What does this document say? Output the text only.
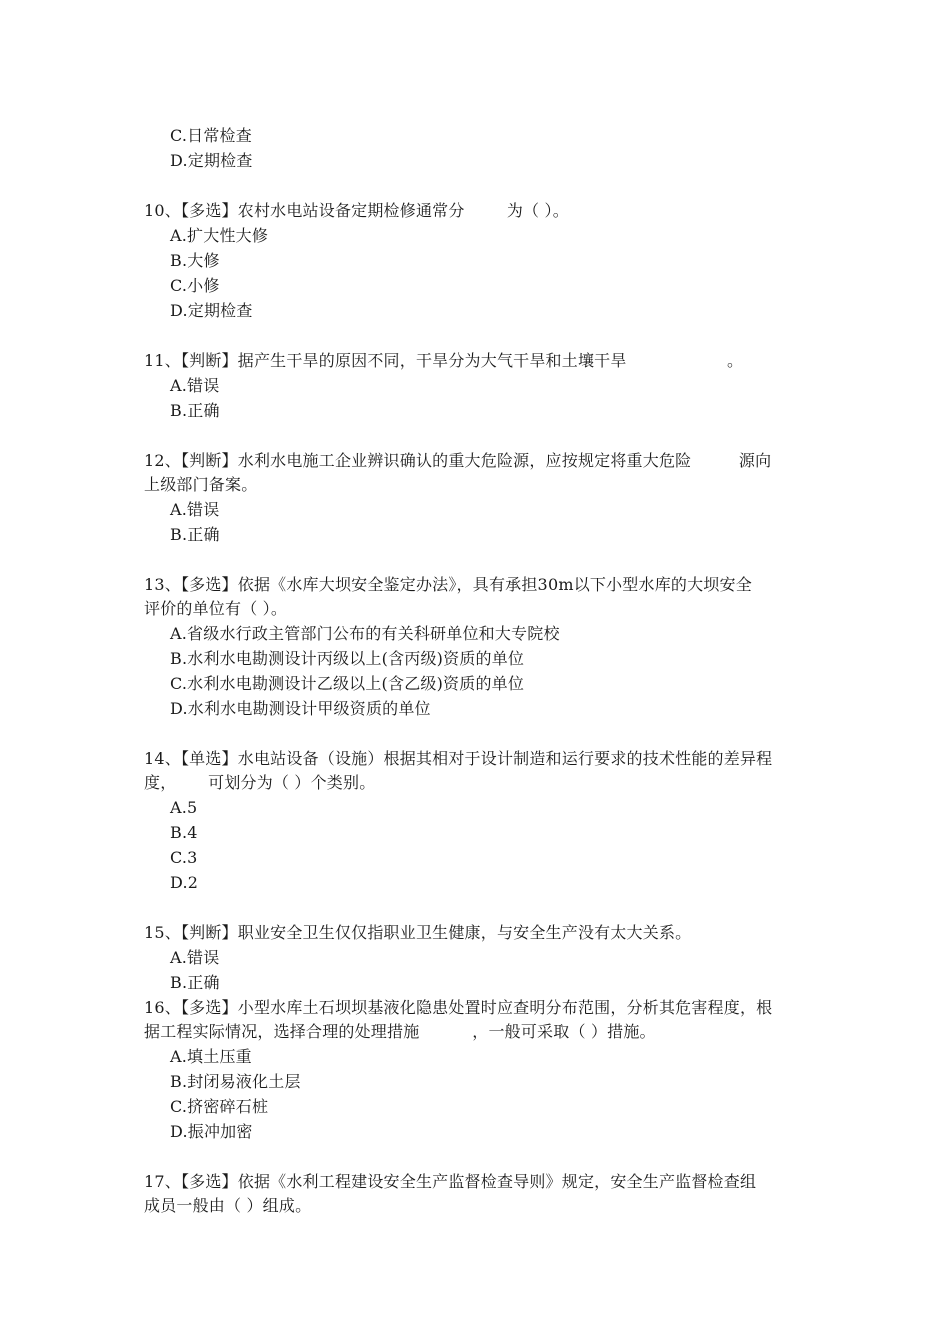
C.日常检查
D.定期检查
10、【多选】农村水电站设备定期检修通常分        为（ ）。
A.扩大性大修
B.大修
C.小修
D.定期检查
11、【判断】据产生干旱的原因不同，干旱分为大气干旱和土壤干旱                   。
A.错误
B.正确
12、【判断】水利水电施工企业辨识确认的重大危险源，应按规定将重大危险         源向
上级部门备案。
A.错误
B.正确
13、【多选】依据《水库大坝安全鉴定办法》，具有承担30m以下小型水库的大坝安全
评价的单位有（ ）。
A.省级水行政主管部门公布的有关科研单位和大专院校
B.水利水电勘测设计丙级以上(含丙级)资质的单位
C.水利水电勘测设计乙级以上(含乙级)资质的单位
D.水利水电勘测设计甲级资质的单位
14、【单选】水电站设备（设施）根据其相对于设计制造和运行要求的技术性能的差异程
度，      可划分为（ ）个类别。
A.5
B.4
C.3
D.2
15、【判断】职业安全卫生仅仅指职业卫生健康，与安全生产没有太大关系。
A.错误
B.正确
16、【多选】小型水库土石坝坝基液化隐患处置时应查明分布范围，分析其危害程度，根
据工程实际情况，选择合理的处理措施          ，一般可采取（ ）措施。
A.填土压重
B.封闭易液化土层
C.挤密碎石桩
D.振冲加密
17、【多选】依据《水利工程建设安全生产监督检查导则》规定，安全生产监督检查组
成员一般由（ ）组成。
